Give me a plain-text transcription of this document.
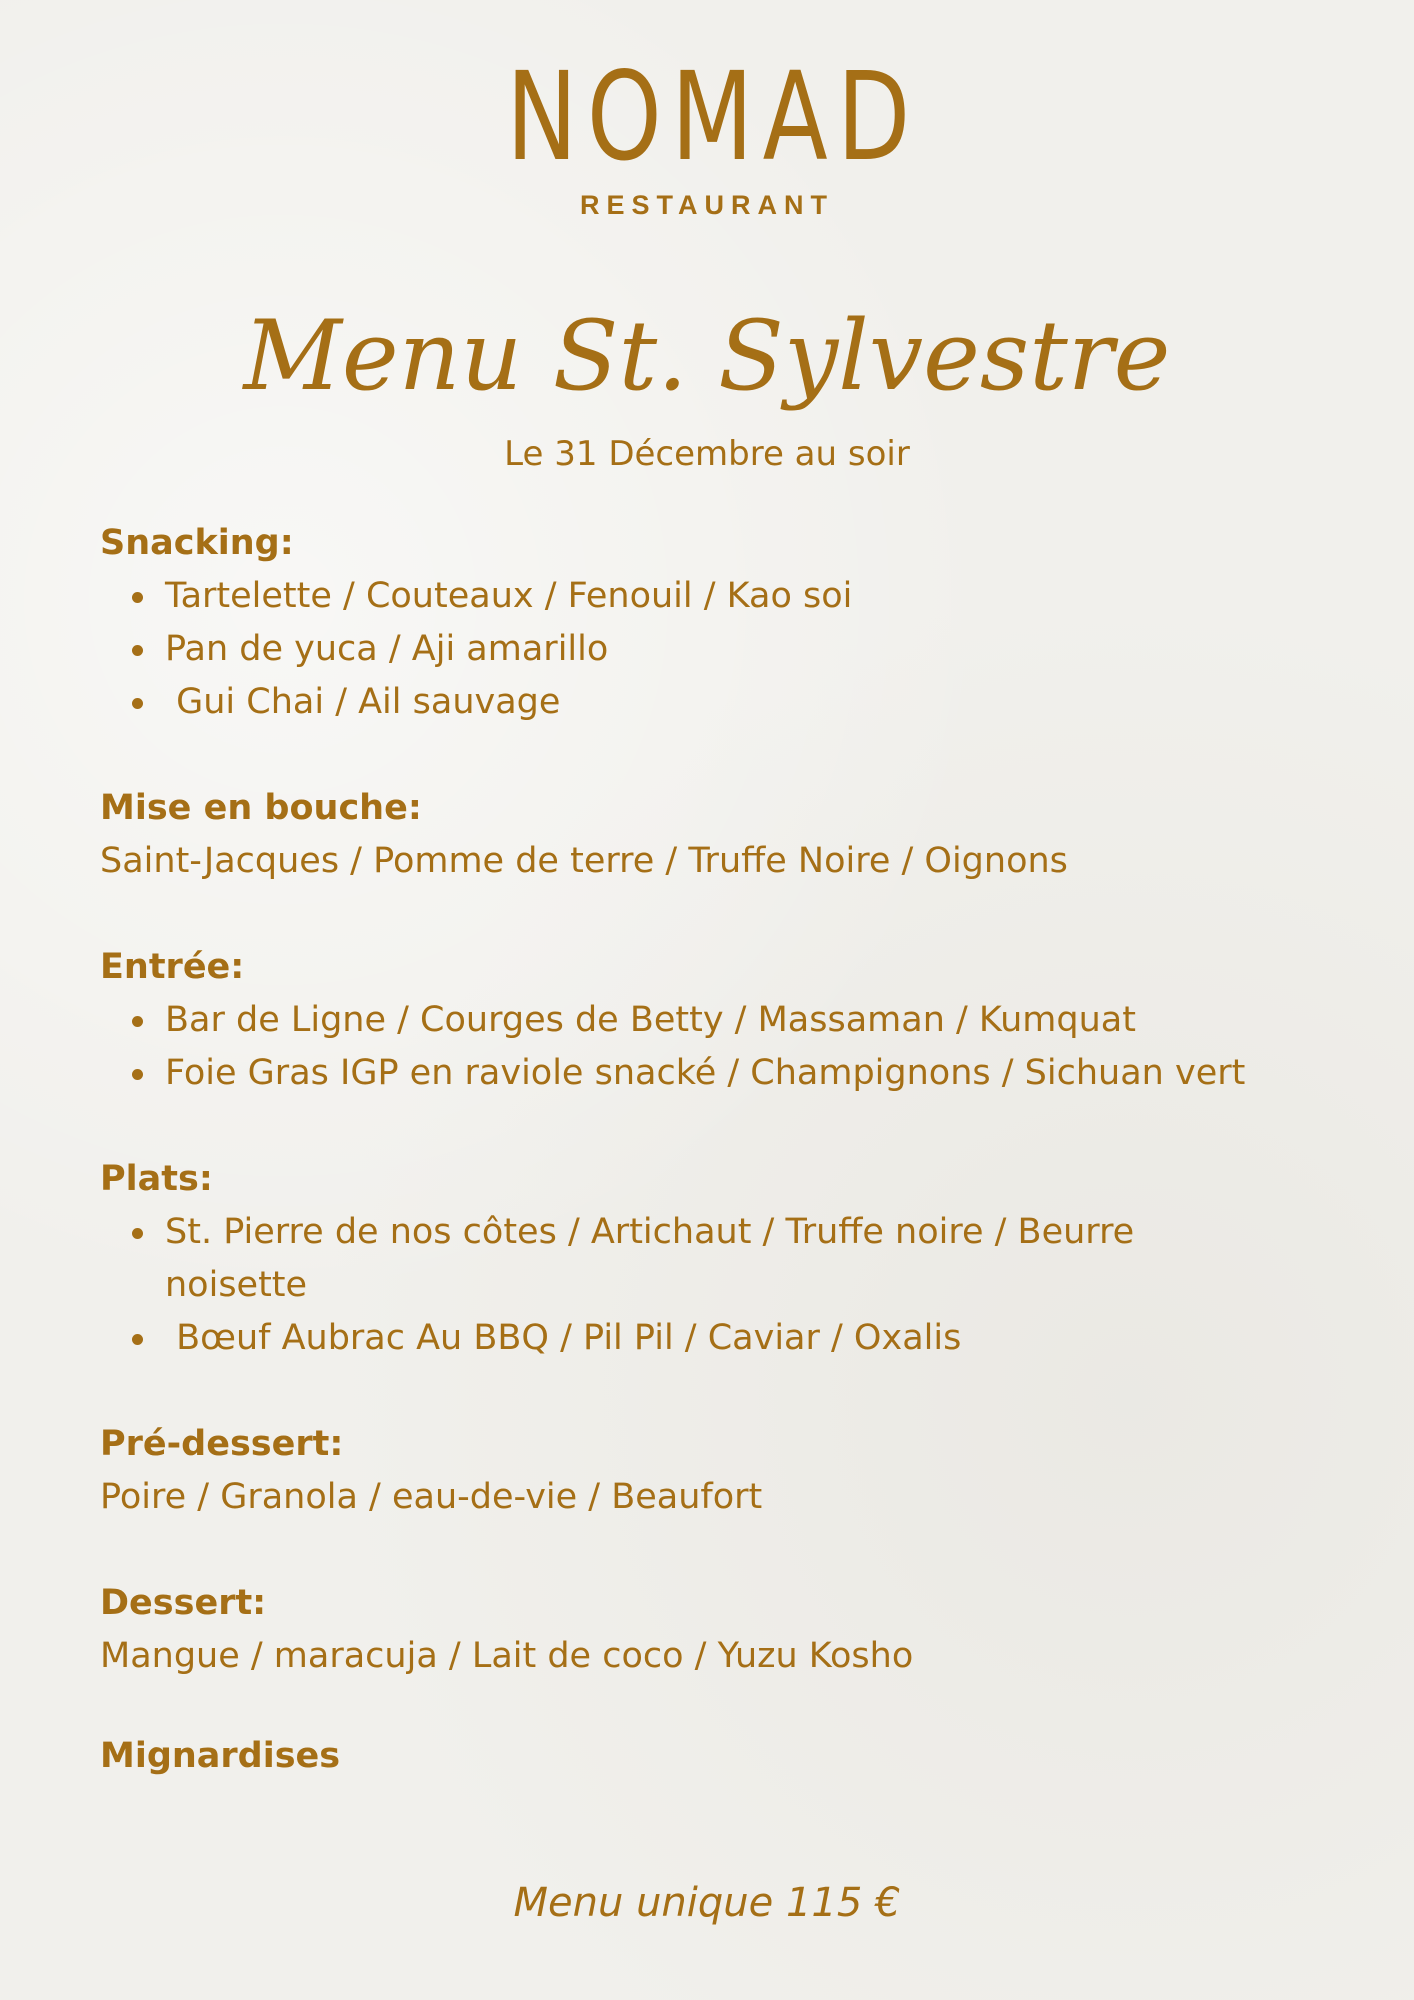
NOMAD
RESTAURANT
Menu St. Sylvestre
Le 31 Décembre au soir
Snacking:
Tartelette / Couteaux / Fenouil / Kao soi
Pan de yuca / Aji amarillo
Gui Chai / Ail sauvage
Mise en bouche:
Saint-Jacques / Pomme de terre / Truffe Noire / Oignons
Entrée:
Bar de Ligne / Courges de Betty / Massaman / Kumquat
Foie Gras IGP en raviole snacké / Champignons / Sichuan vert
Plats:
St. Pierre de nos côtes / Artichaut / Truffe noire / Beurre noisette
Bœuf Aubrac Au BBQ / Pil Pil / Caviar / Oxalis
Pré-dessert:
Poire / Granola / eau-de-vie / Beaufort
Dessert:
Mangue / maracuja / Lait de coco / Yuzu Kosho
Mignardises
Menu unique 115 €
